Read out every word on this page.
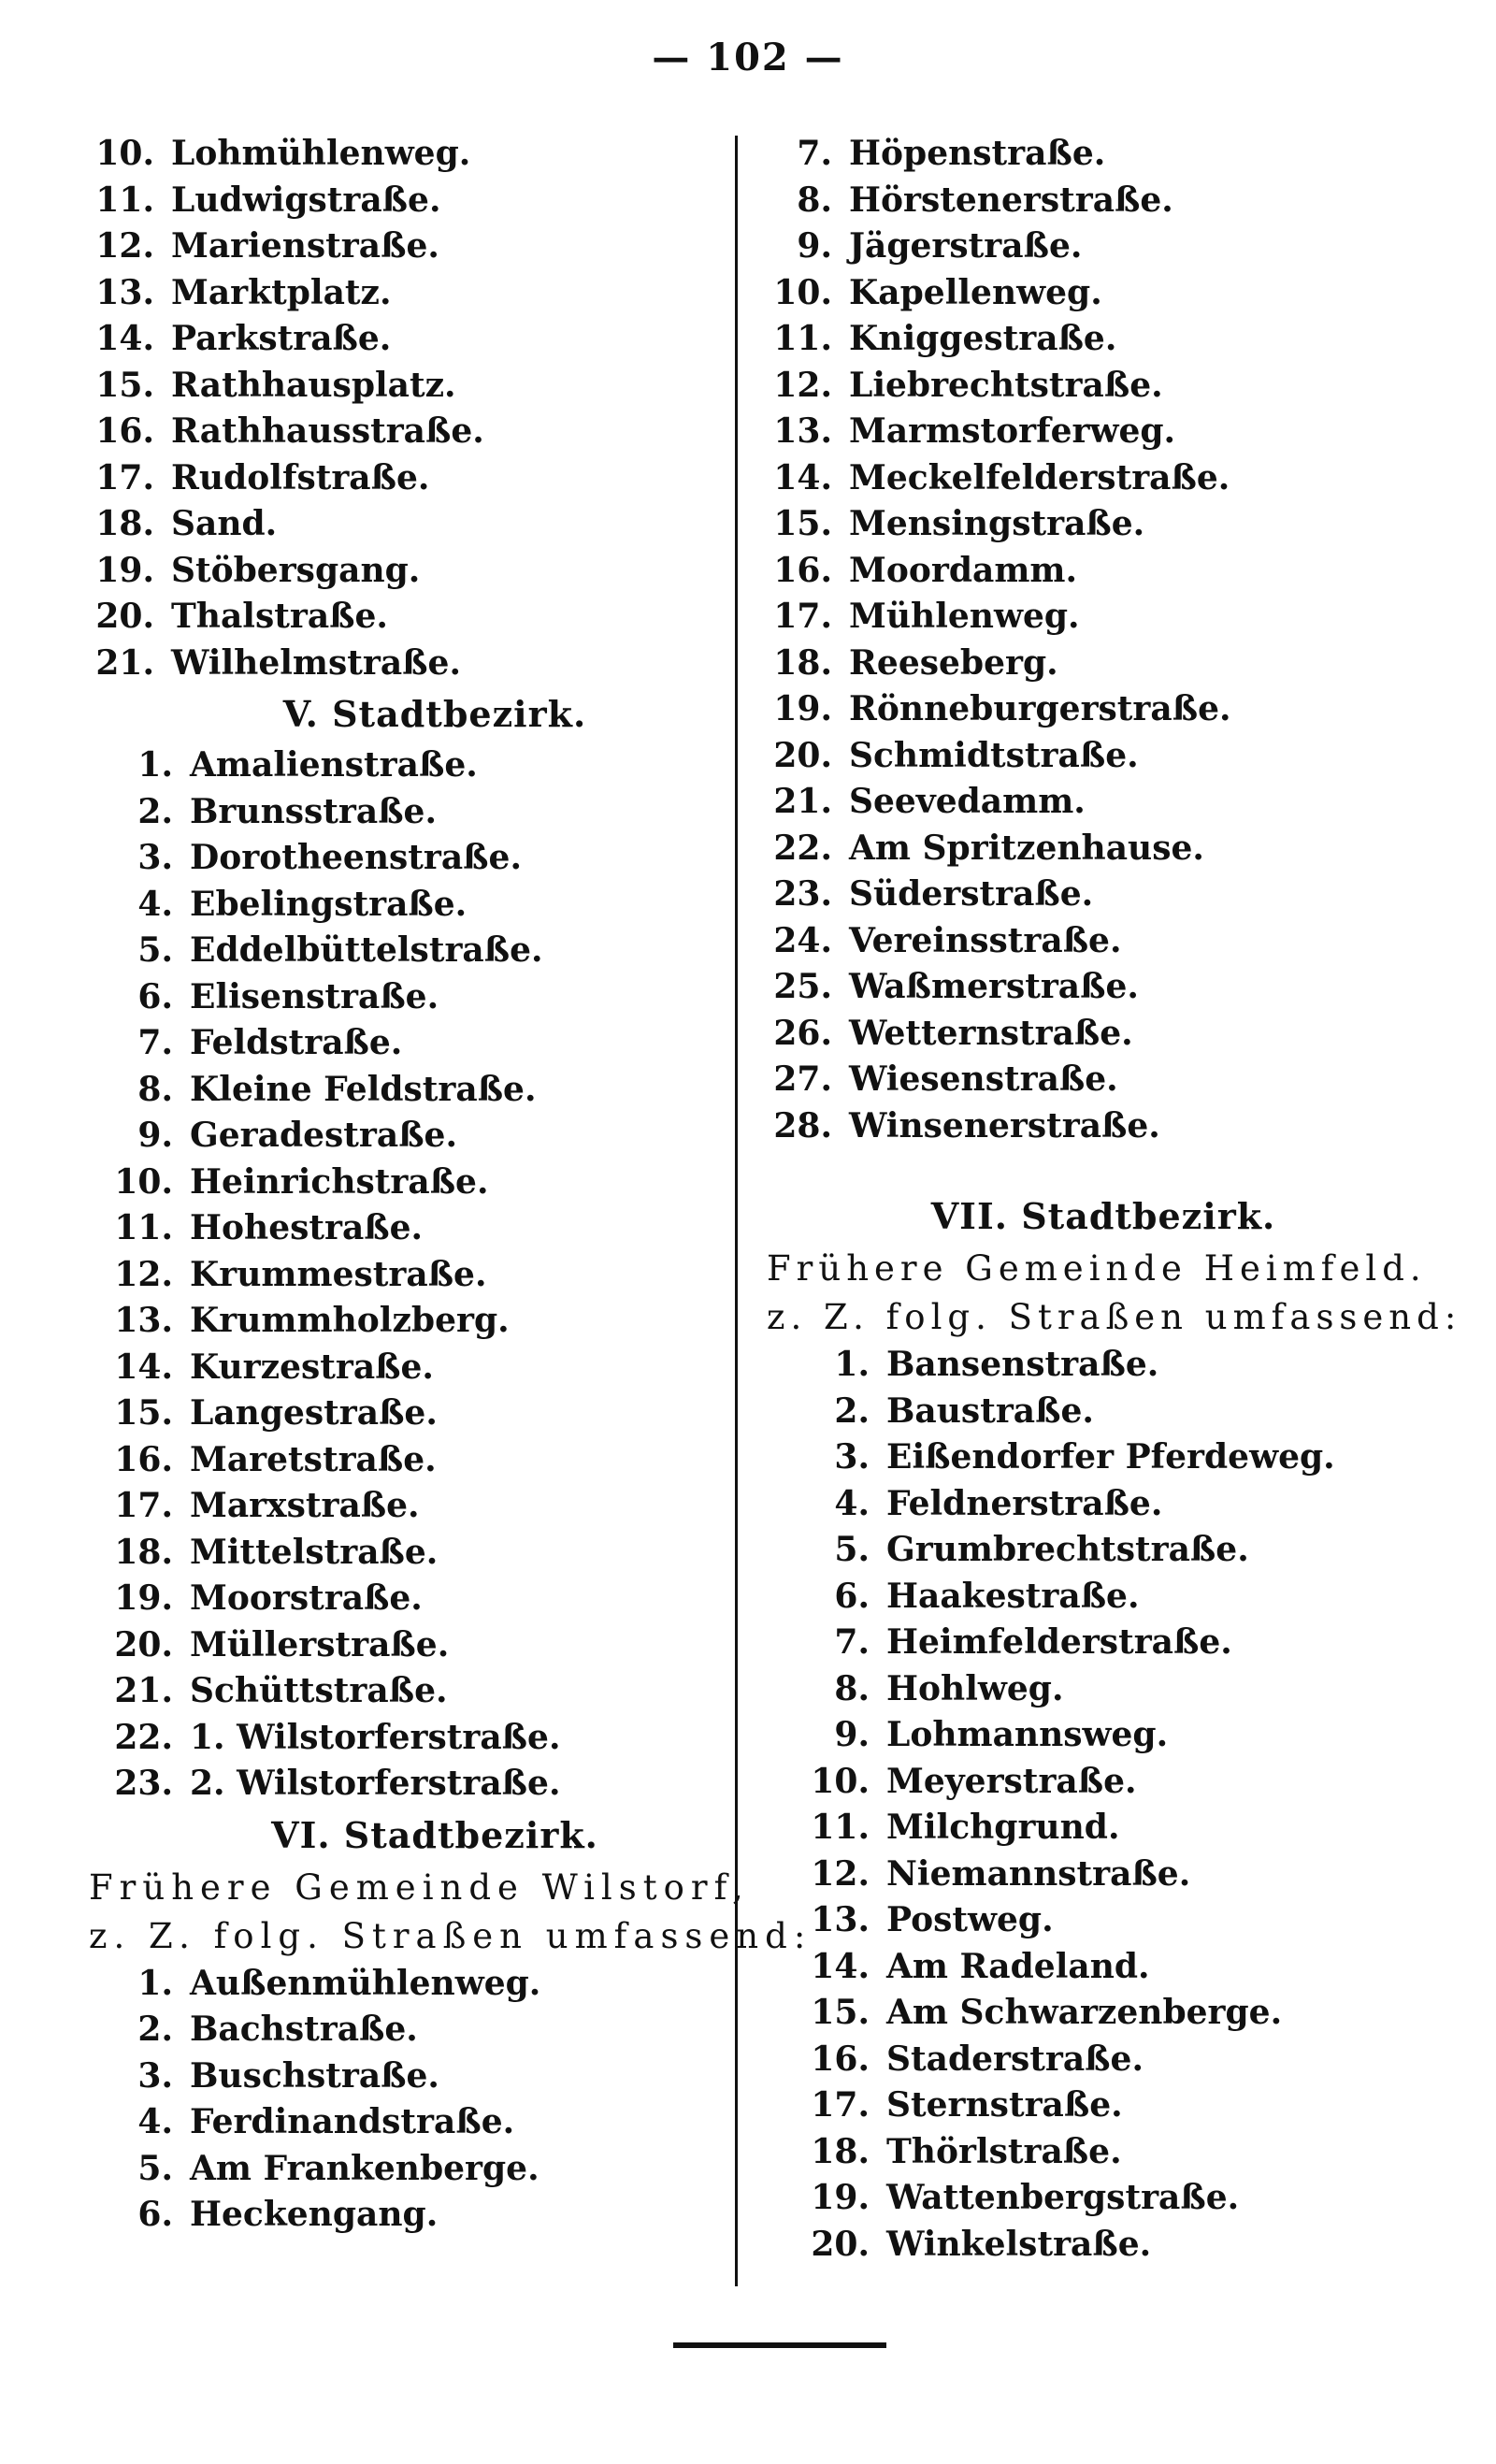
— 102 —
10. Lohmühlenweg.
11. Ludwigstraße.
12. Marienstraße.
13. Marktplatz.
14. Parkstraße.
15. Rathhausplatz.
16. Rathhausstraße.
17. Rudolfstraße.
18. Sand.
19. Stöbersgang.
20. Thalstraße.
21. Wilhelmstraße.
V. Stadtbezirk.
1. Amalienstraße.
2. Brunsstraße.
3. Dorotheenstraße.
4. Ebelingstraße.
5. Eddelbüttelstraße.
6. Elisenstraße.
7. Feldstraße.
8. Kleine Feldstraße.
9. Geradestraße.
10. Heinrichstraße.
11. Hohestraße.
12. Krummestraße.
13. Krummholzberg.
14. Kurzestraße.
15. Langestraße.
16. Maretstraße.
17. Marxstraße.
18. Mittelstraße.
19. Moorstraße.
20. Müllerstraße.
21. Schüttstraße.
22. 1. Wilstorferstraße.
23. 2. Wilstorferstraße.
VI. Stadtbezirk.
Frühere Gemeinde Wilstorf,
z. Z. folg. Straßen umfassend:
1. Außenmühlenweg.
2. Bachstraße.
3. Buschstraße.
4. Ferdinandstraße.
5. Am Frankenberge.
6. Heckengang.
7. Höpenstraße.
8. Hörstenerstraße.
9. Jägerstraße.
10. Kapellenweg.
11. Kniggestraße.
12. Liebrechtstraße.
13. Marmstorferweg.
14. Meckelfelderstraße.
15. Mensingstraße.
16. Moordamm.
17. Mühlenweg.
18. Reeseberg.
19. Rönneburgerstraße.
20. Schmidtstraße.
21. Seevedamm.
22. Am Spritzenhause.
23. Süderstraße.
24. Vereinsstraße.
25. Waßmerstraße.
26. Wetternstraße.
27. Wiesenstraße.
28. Winsenerstraße.
VII. Stadtbezirk.
Frühere Gemeinde Heimfeld.
z. Z. folg. Straßen umfassend:
1. Bansenstraße.
2. Baustraße.
3. Eißendorfer Pferdeweg.
4. Feldnerstraße.
5. Grumbrechtstraße.
6. Haakestraße.
7. Heimfelderstraße.
8. Hohlweg.
9. Lohmannsweg.
10. Meyerstraße.
11. Milchgrund.
12. Niemannstraße.
13. Postweg.
14. Am Radeland.
15. Am Schwarzenberge.
16. Staderstraße.
17. Sternstraße.
18. Thörlstraße.
19. Wattenbergstraße.
20. Winkelstraße.
